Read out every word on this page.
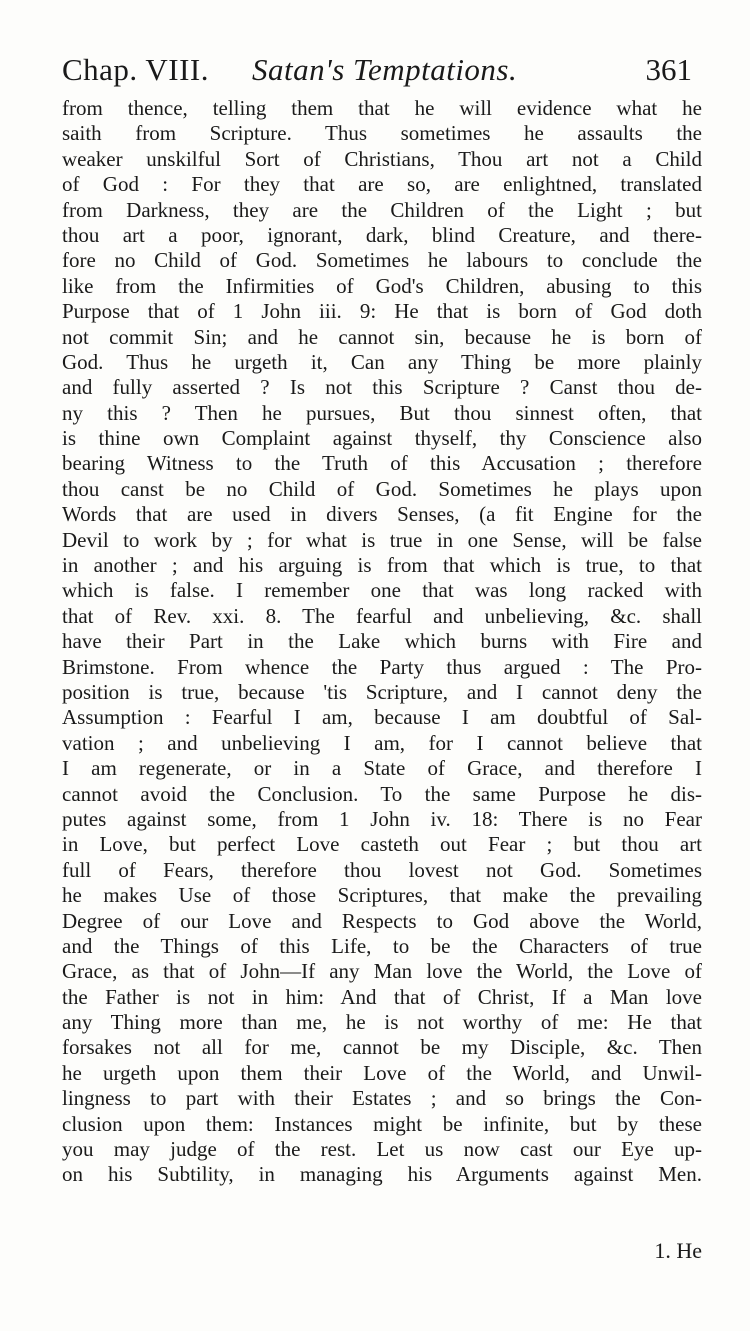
Chap. VIII. Satan's Temptations.	361
from thence, telling them that he will evidence what he
saith from Scripture. Thus sometimes he assaults the
weaker unskilful Sort of Christians, Thou art not a Child
of God : For they that are so, are enlightned, translated
from Darkness, they are the Children of the Light ; but
thou art a poor, ignorant, dark, blind Creature, and there-
fore no Child of God. Sometimes he labours to conclude the
like from the Infirmities of God's Children, abusing to this
Purpose that of 1 John iii. 9: He that is born of God doth
not commit Sin; and he cannot sin, because he is born of
God. Thus he urgeth it, Can any Thing be more plainly
and fully asserted ? Is not this Scripture ? Canst thou de-
ny this ? Then he pursues, But thou sinnest often, that
is thine own Complaint against thyself, thy Conscience also
bearing Witness to the Truth of this Accusation ; therefore
thou canst be no Child of God. Sometimes he plays upon
Words that are used in divers Senses, (a fit Engine for the
Devil to work by ; for what is true in one Sense, will be false
in another ; and his arguing is from that which is true, to that
which is false. I remember one that was long racked with
that of Rev. xxi. 8. The fearful and unbelieving, &c. shall
have their Part in the Lake which burns with Fire and
Brimstone. From whence the Party thus argued : The Pro-
position is true, because 'tis Scripture, and I cannot deny the
Assumption : Fearful I am, because I am doubtful of Sal-
vation ; and unbelieving I am, for I cannot believe that
I am regenerate, or in a State of Grace, and therefore I
cannot avoid the Conclusion. To the same Purpose he dis-
putes against some, from 1 John iv. 18: There is no Fear
in Love, but perfect Love casteth out Fear ; but thou art
full of Fears, therefore thou lovest not God. Sometimes
he makes Use of those Scriptures, that make the prevailing
Degree of our Love and Respects to God above the World,
and the Things of this Life, to be the Characters of true
Grace, as that of John—If any Man love the World, the Love of
the Father is not in him: And that of Christ, If a Man love
any Thing more than me, he is not worthy of me: He that
forsakes not all for me, cannot be my Disciple, &c. Then
he urgeth upon them their Love of the World, and Unwil-
lingness to part with their Estates ; and so brings the Con-
clusion upon them: Instances might be infinite, but by these
you may judge of the rest. Let us now cast our Eye up-
on his Subtility, in managing his Arguments against Men.
1. He
